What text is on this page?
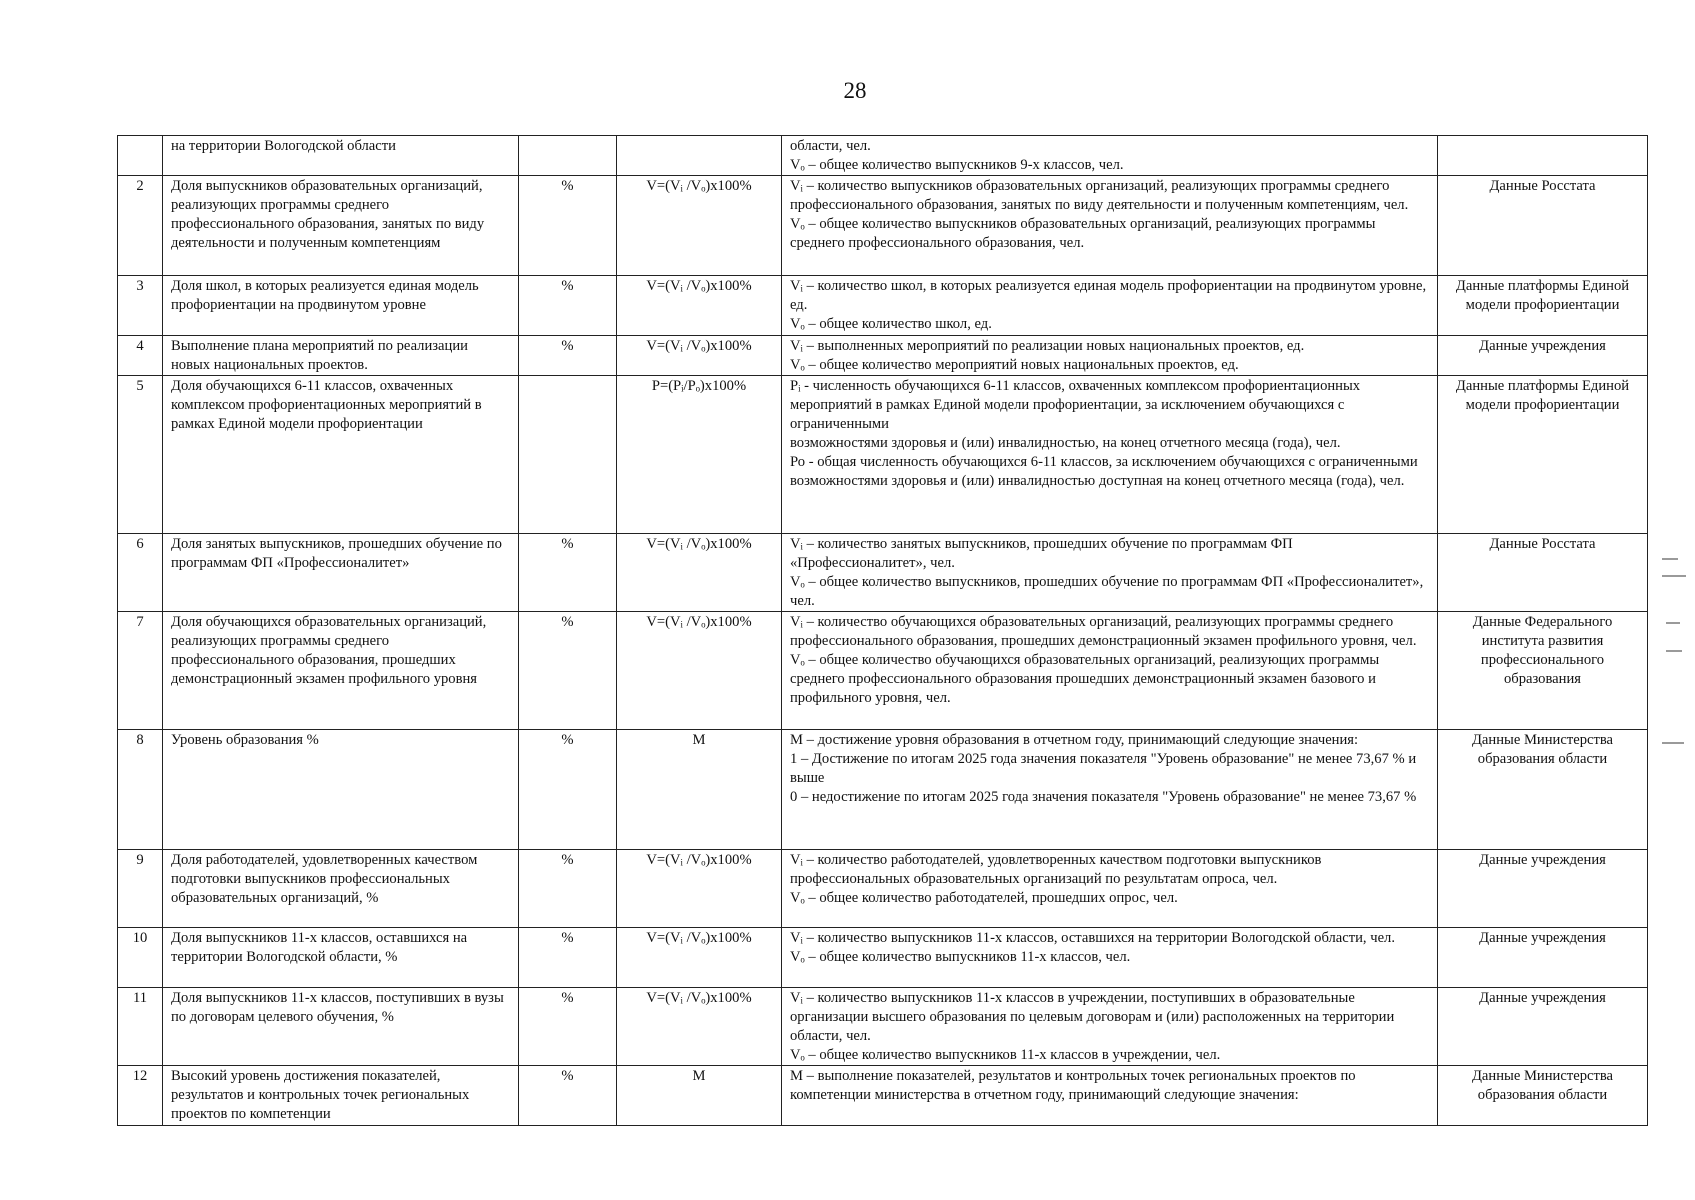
28
	на территории Вологодской области			области, чел.
Vₒ – общее количество выпускников 9-х классов, чел.	

2	Доля выпускников образовательных организаций, реализующих программы среднего профессионального образования, занятых по виду деятельности и полученным компетенциям	%	V=(Vᵢ /Vₒ)x100%	Vᵢ – количество выпускников образовательных организаций, реализующих программы среднего профессионального образования, занятых по виду деятельности и полученным компетенциям, чел.
Vₒ – общее количество выпускников образовательных организаций, реализующих программы среднего профессионального образования, чел.	Данные Росстата
3	Доля школ, в которых реализуется единая модель профориентации на продвинутом уровне	%	V=(Vᵢ /Vₒ)x100%	Vᵢ – количество школ, в которых реализуется единая модель профориентации на продвинутом уровне, ед.
Vₒ – общее количество школ, ед.	Данные платформы Единой модели профориентации
4	Выполнение плана мероприятий по реализации новых национальных проектов.	%	V=(Vᵢ /Vₒ)x100%	Vᵢ – выполненных мероприятий по реализации новых национальных проектов, ед.
Vₒ – общее количество мероприятий новых национальных проектов, ед.	Данные учреждения
5	Доля обучающихся 6-11 классов, охваченных комплексом профориентационных мероприятий в рамках Единой модели профориентации		P=(Pᵢ/Pₒ)x100%	Pᵢ - численность обучающихся 6-11 классов, охваченных комплексом профориентационных мероприятий в рамках Единой модели профориентации, за исключением обучающихся с ограниченными
возможностями здоровья и (или) инвалидностью, на конец отчетного месяца (года), чел.
Ро - общая численность обучающихся 6-11 классов, за исключением обучающихся с ограниченными возможностями здоровья и (или) инвалидностью доступная на конец отчетного месяца (года), чел.	Данные платформы Единой модели профориентации
6	Доля занятых выпускников, прошедших обучение по программам ФП «Профессионалитет»	%	V=(Vᵢ /Vₒ)x100%	Vᵢ – количество занятых выпускников, прошедших обучение по программам ФП «Профессионалитет», чел.
Vₒ – общее количество выпускников, прошедших обучение по программам ФП «Профессионалитет», чел.	Данные Росстата
7	Доля обучающихся образовательных организаций, реализующих программы среднего профессионального образования, прошедших демонстрационный экзамен профильного уровня	%	V=(Vᵢ /Vₒ)x100%	Vᵢ – количество обучающихся образовательных организаций, реализующих программы среднего профессионального образования, прошедших демонстрационный экзамен профильного уровня, чел.
Vₒ – общее количество обучающихся образовательных организаций, реализующих программы среднего профессионального образования прошедших демонстрационный экзамен базового и профильного уровня, чел.	Данные Федерального института развития профессионального образования
8	Уровень образования %	%	M	М – достижение уровня образования в отчетном году, принимающий следующие значения:
1 – Достижение по итогам 2025 года значения показателя "Уровень образование" не менее 73,67 % и выше
0 – недостижение по итогам 2025 года значения показателя "Уровень образование" не менее 73,67 %	Данные Министерства образования области
9	Доля работодателей, удовлетворенных качеством подготовки выпускников профессиональных образовательных организаций, %	%	V=(Vᵢ /Vₒ)x100%	Vᵢ – количество работодателей, удовлетворенных качеством подготовки выпускников профессиональных образовательных организаций по результатам опроса, чел.
Vₒ – общее количество работодателей, прошедших опрос, чел.	Данные учреждения
10	Доля выпускников 11-х классов, оставшихся на территории Вологодской области, %	%	V=(Vᵢ /Vₒ)x100%	Vᵢ – количество выпускников 11-х классов, оставшихся на территории Вологодской области, чел.
Vₒ – общее количество выпускников 11-х классов, чел.	Данные учреждения
11	Доля выпускников 11-х классов, поступивших в вузы по договорам целевого обучения, %	%	V=(Vᵢ /Vₒ)x100%	Vᵢ – количество выпускников 11-х классов в учреждении, поступивших в образовательные организации высшего образования по целевым договорам и (или) расположенных на территории области, чел.
Vₒ – общее количество выпускников 11-х классов в учреждении, чел.	Данные учреждения
12	Высокий уровень достижения показателей, результатов и контрольных точек региональных проектов по компетенции	%	M	М – выполнение показателей, результатов и контрольных точек региональных проектов по компетенции министерства в отчетном году, принимающий следующие значения:	Данные Министерства образования области
